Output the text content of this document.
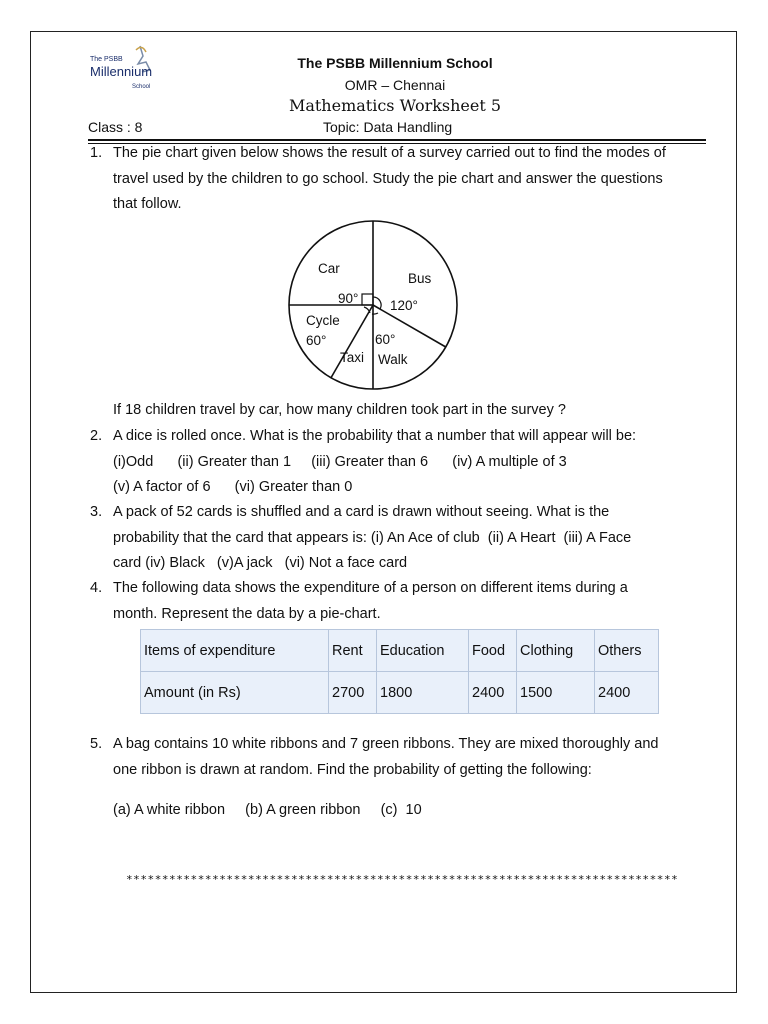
The PSBB
Millennium
School
The PSBB Millennium School
OMR – Chennai
Mathematics Worksheet 5
Class : 8	Topic: Data Handling
1. The pie chart given below shows the result of a survey carried out to find the modes of
travel used by the children to go school. Study the pie chart and answer the questions
that follow.
Car
90°
Bus
120°
Walk
60°
Taxi
Cycle
60°
If 18 children travel by car, how many children took part in the survey ?
2. A dice is rolled once. What is the probability that a number that will appear will be:
(i)Odd      (ii) Greater than 1     (iii) Greater than 6      (iv) A multiple of 3
(v) A factor of 6      (vi) Greater than 0
3. A pack of 52 cards is shuffled and a card is drawn without seeing. What is the
probability that the card that appears is: (i) An Ace of club  (ii) A Heart  (iii) A Face
card (iv) Black   (v)A jack   (vi) Not a face card
4. The following data shows the expenditure of a person on different items during a
month. Represent the data by a pie-chart.
Items of expenditure	Rent	Education	Food	Clothing	Others
Amount (in Rs)	2700	1800	2400	1500	2400
5. A bag contains 10 white ribbons and 7 green ribbons. They are mixed thoroughly and
one ribbon is drawn at random. Find the probability of getting the following:
(a) A white ribbon     (b) A green ribbon     (c)  10
*****************************************************************************
